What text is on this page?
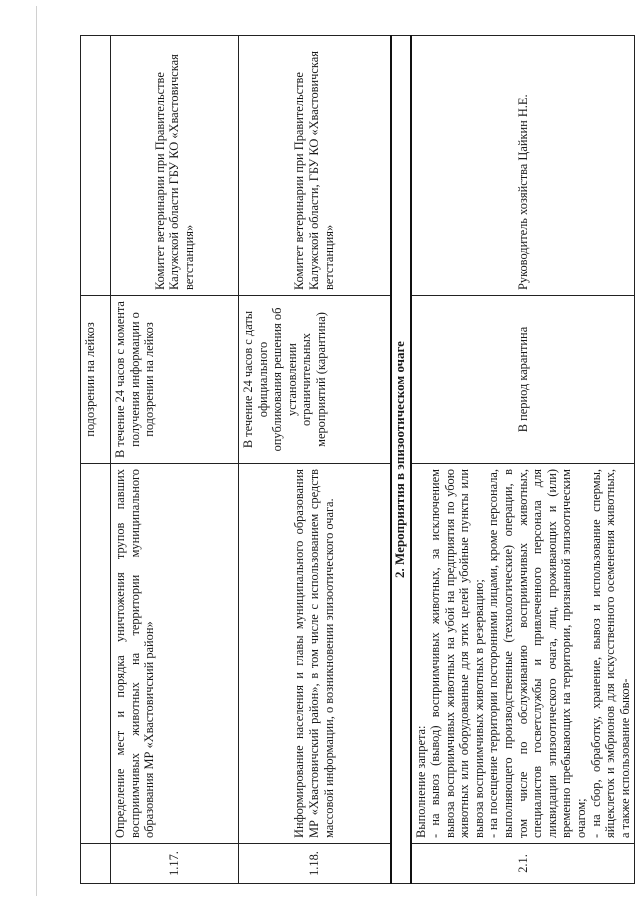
		подозрении на лейкоз	
1.17.	Определение мест и порядка уничтожения трупов павших восприимчивых животных на территории муниципального образования МР «Хвастовичский район»	В течение 24 часов с момента получения информации о подозрении на лейкоз	Комитет ветеринарии при Правительстве Калужской области ГБУ КО «Хвастовичская ветстанция»
1.18.	Информирование населения и главы муниципального образования МР «Хвастовичский район», в том числе с использованием средств массовой информации, о возникновении эпизоотического очага.	В течение 24 часов с даты официального опубликования решения об установлении ограничительных мероприятий (карантина)	Комитет ветеринарии при Правительстве Калужской области, ГБУ КО «Хвастовичская ветстанция»
2. Мероприятия в эпизоотическом очаге			
2.1.	Выполнение запрета: - на вывоз (вывод) восприимчивых животных, за исключением вывоза восприимчивых животных на убой на предприятия по убою животных или оборудованные для этих целей убойные пункты или вывоза восприимчивых животных в резервацию; - на посещение территории посторонними лицами, кроме персонала, выполняющего производственные (технологические) операции, в том числе по обслуживанию восприимчивых животных, специалистов госветслужбы и привлеченного персонала для ликвидации эпизоотического очага, лиц, проживающих и (или) временно пребывающих на территории, признанной эпизоотическим очагом; - на сбор, обработку, хранение, вывоз и использование спермы, яйцеклеток и эмбрионов для искусственного осеменения животных, а также использование быков-	В период карантина	Руководитель хозяйства Цайкин Н.Е.
